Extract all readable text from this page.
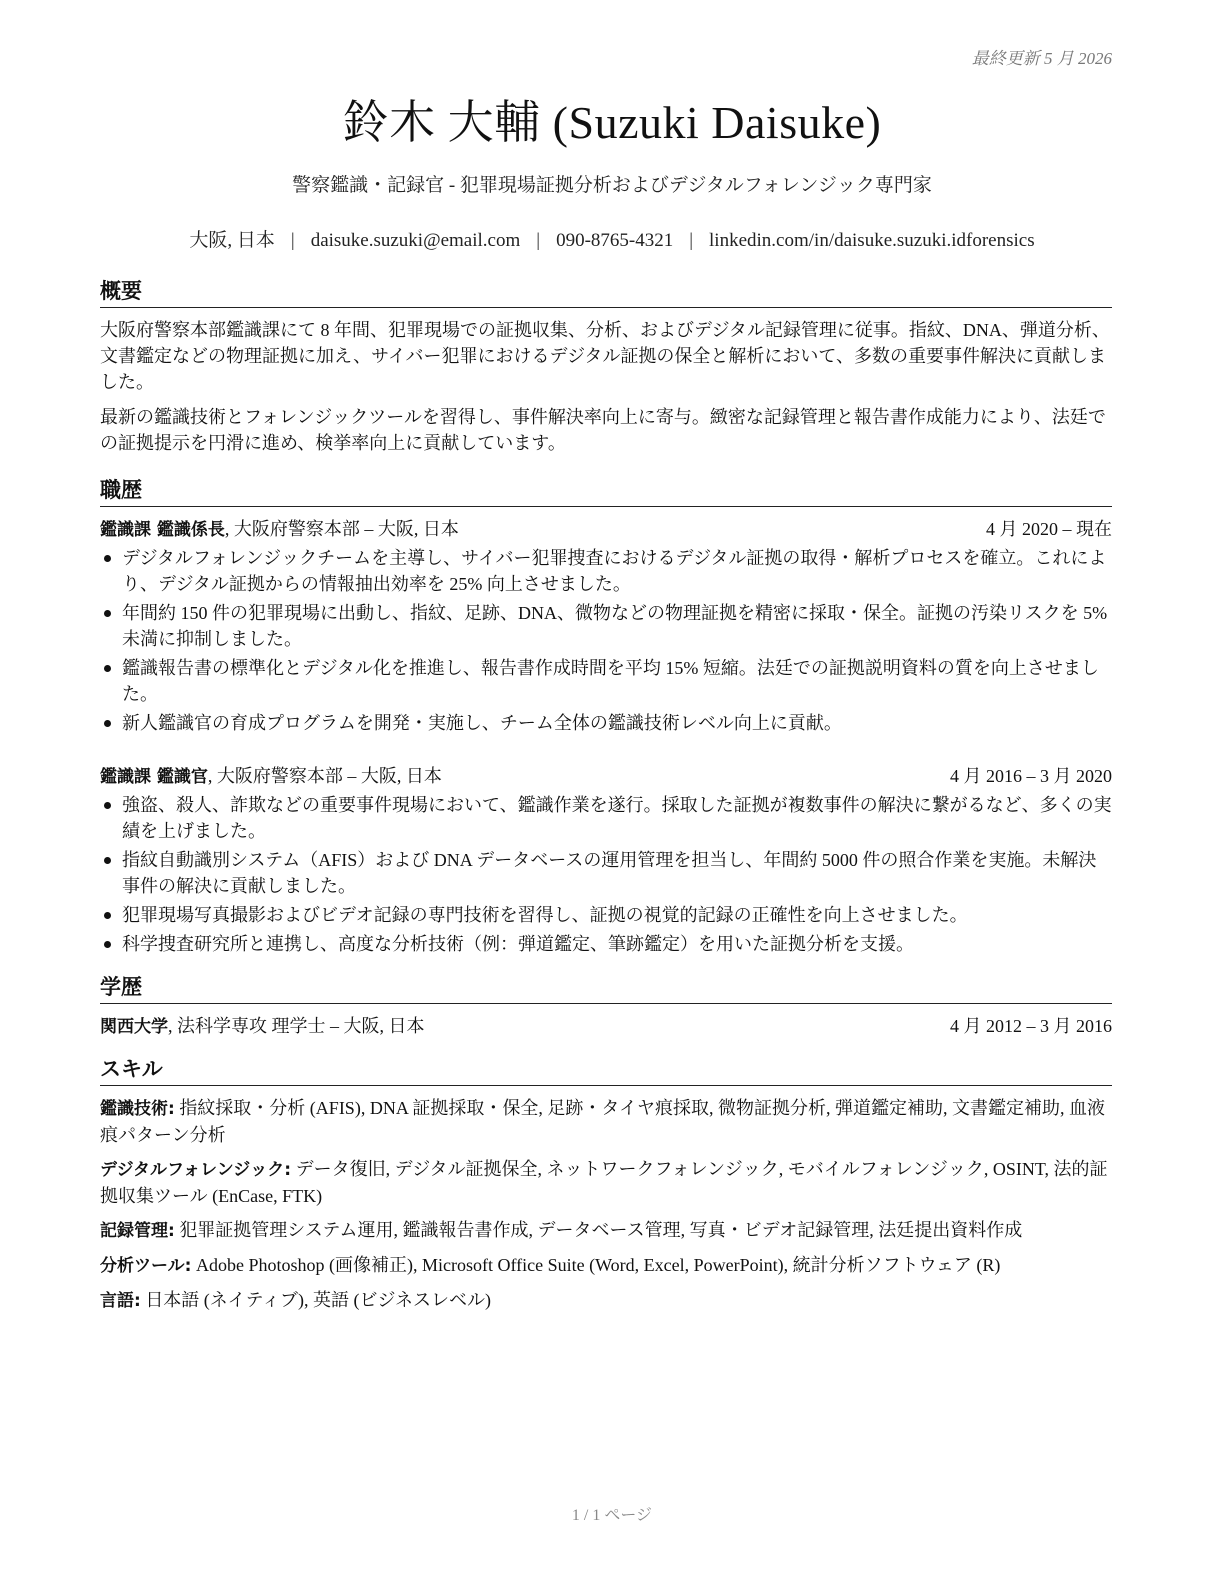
最終更新 5 月 2026
鈴木 大輔 (Suzuki Daisuke)
警察鑑識・記録官 - 犯罪現場証拠分析およびデジタルフォレンジック専門家
大阪, 日本 | daisuke.suzuki@email.com | 090-8765-4321 | linkedin.com/in/daisuke.suzuki.idforensics
概要
大阪府警察本部鑑識課にて 8 年間、犯罪現場での証拠収集、分析、およびデジタル記録管理に従事。指紋、DNA、弾道分析、文書鑑定などの物理証拠に加え、サイバー犯罪におけるデジタル証拠の保全と解析において、多数の重要事件解決に貢献しました。
最新の鑑識技術とフォレンジックツールを習得し、事件解決率向上に寄与。緻密な記録管理と報告書作成能力により、法廷での証拠提示を円滑に進め、検挙率向上に貢献しています。
職歴
鑑識課 鑑識係長, 大阪府警察本部 – 大阪, 日本	4 月 2020 – 現在
デジタルフォレンジックチームを主導し、サイバー犯罪捜査におけるデジタル証拠の取得・解析プロセスを確立。これにより、デジタル証拠からの情報抽出効率を 25% 向上させました。
年間約 150 件の犯罪現場に出動し、指紋、足跡、DNA、微物などの物理証拠を精密に採取・保全。証拠の汚染リスクを 5% 未満に抑制しました。
鑑識報告書の標準化とデジタル化を推進し、報告書作成時間を平均 15% 短縮。法廷での証拠説明資料の質を向上させました。
新人鑑識官の育成プログラムを開発・実施し、チーム全体の鑑識技術レベル向上に貢献。
鑑識課 鑑識官, 大阪府警察本部 – 大阪, 日本	4 月 2016 – 3 月 2020
強盗、殺人、詐欺などの重要事件現場において、鑑識作業を遂行。採取した証拠が複数事件の解決に繋がるなど、多くの実績を上げました。
指紋自動識別システム（AFIS）および DNA データベースの運用管理を担当し、年間約 5000 件の照合作業を実施。未解決事件の解決に貢献しました。
犯罪現場写真撮影およびビデオ記録の専門技術を習得し、証拠の視覚的記録の正確性を向上させました。
科学捜査研究所と連携し、高度な分析技術（例：弾道鑑定、筆跡鑑定）を用いた証拠分析を支援。
学歴
関西大学, 法科学専攻 理学士 – 大阪, 日本	4 月 2012 – 3 月 2016
スキル
鑑識技術: 指紋採取・分析 (AFIS), DNA 証拠採取・保全, 足跡・タイヤ痕採取, 微物証拠分析, 弾道鑑定補助, 文書鑑定補助, 血液痕パターン分析
デジタルフォレンジック: データ復旧, デジタル証拠保全, ネットワークフォレンジック, モバイルフォレンジック, OSINT, 法的証拠収集ツール (EnCase, FTK)
記録管理: 犯罪証拠管理システム運用, 鑑識報告書作成, データベース管理, 写真・ビデオ記録管理, 法廷提出資料作成
分析ツール: Adobe Photoshop (画像補正), Microsoft Office Suite (Word, Excel, PowerPoint), 統計分析ソフトウェア (R)
言語: 日本語 (ネイティブ), 英語 (ビジネスレベル)
1 / 1 ページ
